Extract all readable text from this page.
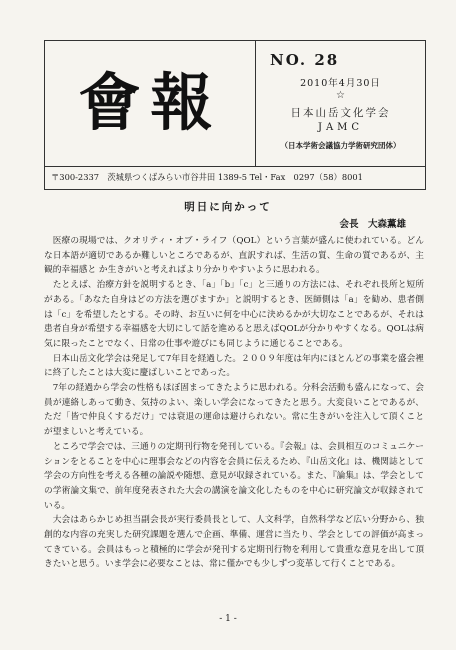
會報
NO. 28
2010年4月30日
☆
日本山岳文化学会
JAMC
（日本学術会議協力学術研究団体）
〒300-2337　茨城県つくばみらい市谷井田 1389-5 Tel・Fax　0297（58）8001
明日に向かって
会長　大森薫雄

医療の現場では、クオリティ・オブ・ライフ（QOL）という言葉が盛んに使われている。どんな日本語が適切であるか難しいところであるが、直訳すれば、生活の質、生命の質であるが、主観的幸福感と か生きがいと考えればより分かりやすいように思われる。

たとえば、治療方針を説明するとき、「a」「b」「c」と三通りの方法には、それぞれ長所と短所がある。「あなた自身はどの方法を選びますか」と説明するとき、医師側は「a」を勧め、患者側は「c」を希望したとする。その時、お互いに何を中心に決めるかが大切なことであるが、それは患者自身が希望する幸福感を大切にして話を進めると思えばQOLが分かりやすくなる。QOLは病気に限ったことでなく、日常の仕事や遊びにも同じように通じることである。

日本山岳文化学会は発足して7年目を経過した。２００９年度は年内にほとんどの事業を盛会裡に終了したことは大変に慶ばしいことであった。

7年の経過から学会の性格もほぼ固まってきたように思われる。分科会活動も盛んになって、会員が連絡しあって動き、気持のよい、楽しい学会になってきたと思う。大変良いことであるが、ただ「皆で仲良くするだけ」では衰退の運命は避けられない。常に生きがいを注入して頂くことが望ましいと考えている。

ところで学会では、三通りの定期刊行物を発刊している。『会報』は、会員相互のコミュニケーションをとることを中心に理事会などの内容を会員に伝えるため、『山岳文化』は、機関誌として学会の方向性を考える各種の論説や随想、意見が収録されている。また、『論集』は、学会としての学術論文集で、前年度発表された大会の講演を論文化したものを中心に研究論文が収録されている。

大会はあらかじめ担当副会長が実行委員長として、人文科学，自然科学など広い分野から、独創的な内容の充実した研究課題を選んで企画、準備、運営に当たり、学会としての評価が高まってきている。会員はもっと積極的に学会が発刊する定期刊行物を利用して貴重な意見を出して頂きたいと思う。いま学会に必要なことは、常に僅かでも少しずつ変革して行くことである。

- 1 -
